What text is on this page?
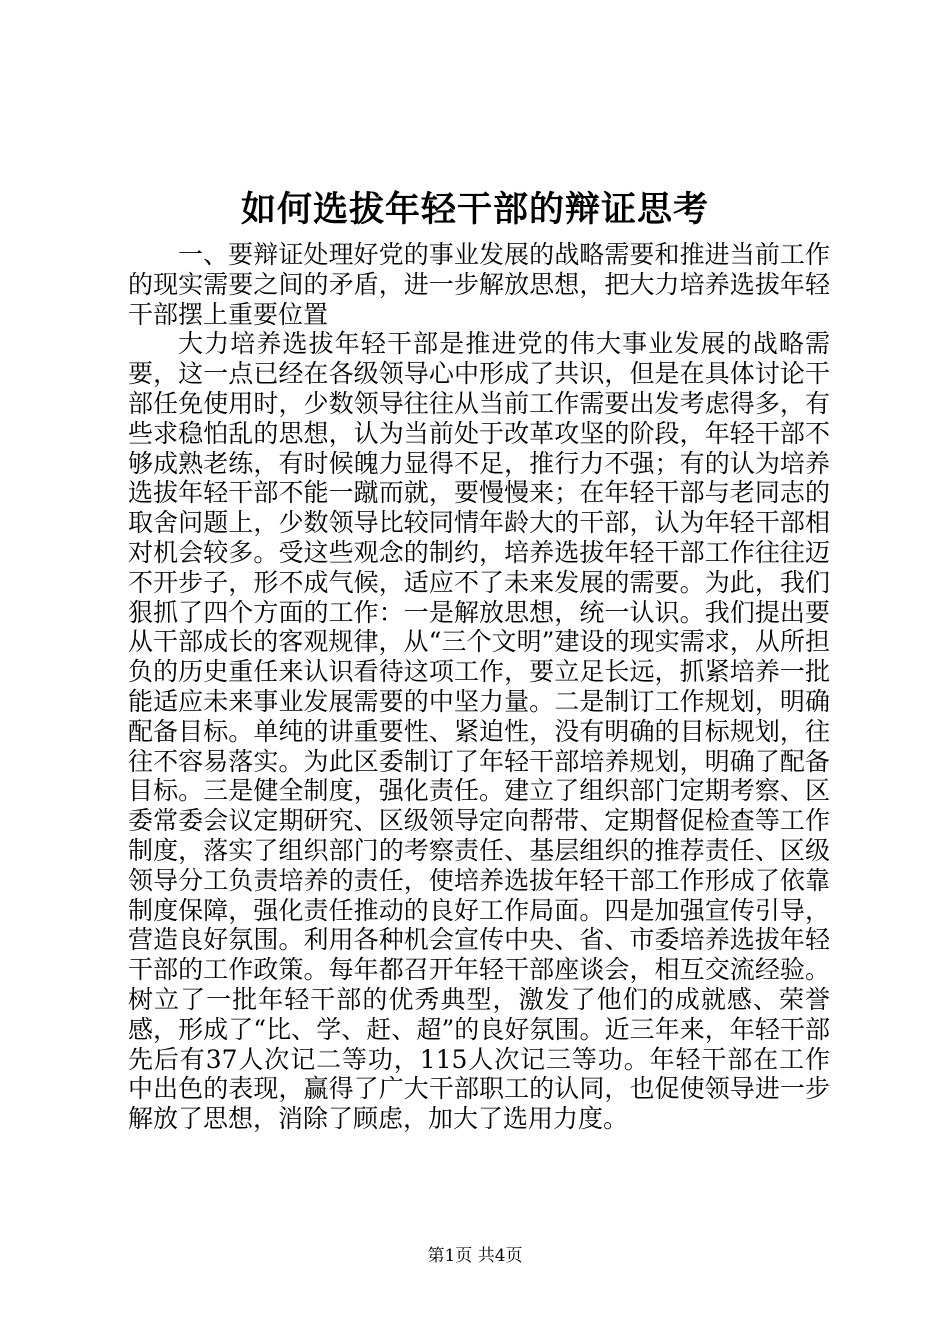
如何选拔年轻干部的辩证思考

一、要辩证处理好党的事业发展的战略需要和推进当前工作的现实需要之间的矛盾，进一步解放思想，把大力培养选拔年轻干部摆上重要位置

大力培养选拔年轻干部是推进党的伟大事业发展的战略需要，这一点已经在各级领导心中形成了共识，但是在具体讨论干部任免使用时，少数领导往往从当前工作需要出发考虑得多，有些求稳怕乱的思想，认为当前处于改革攻坚的阶段，年轻干部不够成熟老练，有时候魄力显得不足，推行力不强；有的认为培养选拔年轻干部不能一蹴而就，要慢慢来；在年轻干部与老同志的取舍问题上，少数领导比较同情年龄大的干部，认为年轻干部相对机会较多。受这些观念的制约，培养选拔年轻干部工作往往迈不开步子，形不成气候，适应不了未来发展的需要。为此，我们狠抓了四个方面的工作：一是解放思想，统一认识。我们提出要从干部成长的客观规律，从“三个文明”建设的现实需求，从所担负的历史重任来认识看待这项工作，要立足长远，抓紧培养一批能适应未来事业发展需要的中坚力量。二是制订工作规划，明确配备目标。单纯的讲重要性、紧迫性，没有明确的目标规划，往往不容易落实。为此区委制订了年轻干部培养规划，明确了配备目标。三是健全制度，强化责任。建立了组织部门定期考察、区委常委会议定期研究、区级领导定向帮带、定期督促检查等工作制度，落实了组织部门的考察责任、基层组织的推荐责任、区级领导分工负责培养的责任，使培养选拔年轻干部工作形成了依靠制度保障，强化责任推动的良好工作局面。四是加强宣传引导，营造良好氛围。利用各种机会宣传中央、省、市委培养选拔年轻干部的工作政策。每年都召开年轻干部座谈会，相互交流经验。树立了一批年轻干部的优秀典型，激发了他们的成就感、荣誉感，形成了“比、学、赶、超”的良好氛围。近三年来，年轻干部先后有37人次记二等功，115人次记三等功。年轻干部在工作中出色的表现，赢得了广大干部职工的认同，也促使领导进一步解放了思想，消除了顾虑，加大了选用力度。

第1页 共4页
